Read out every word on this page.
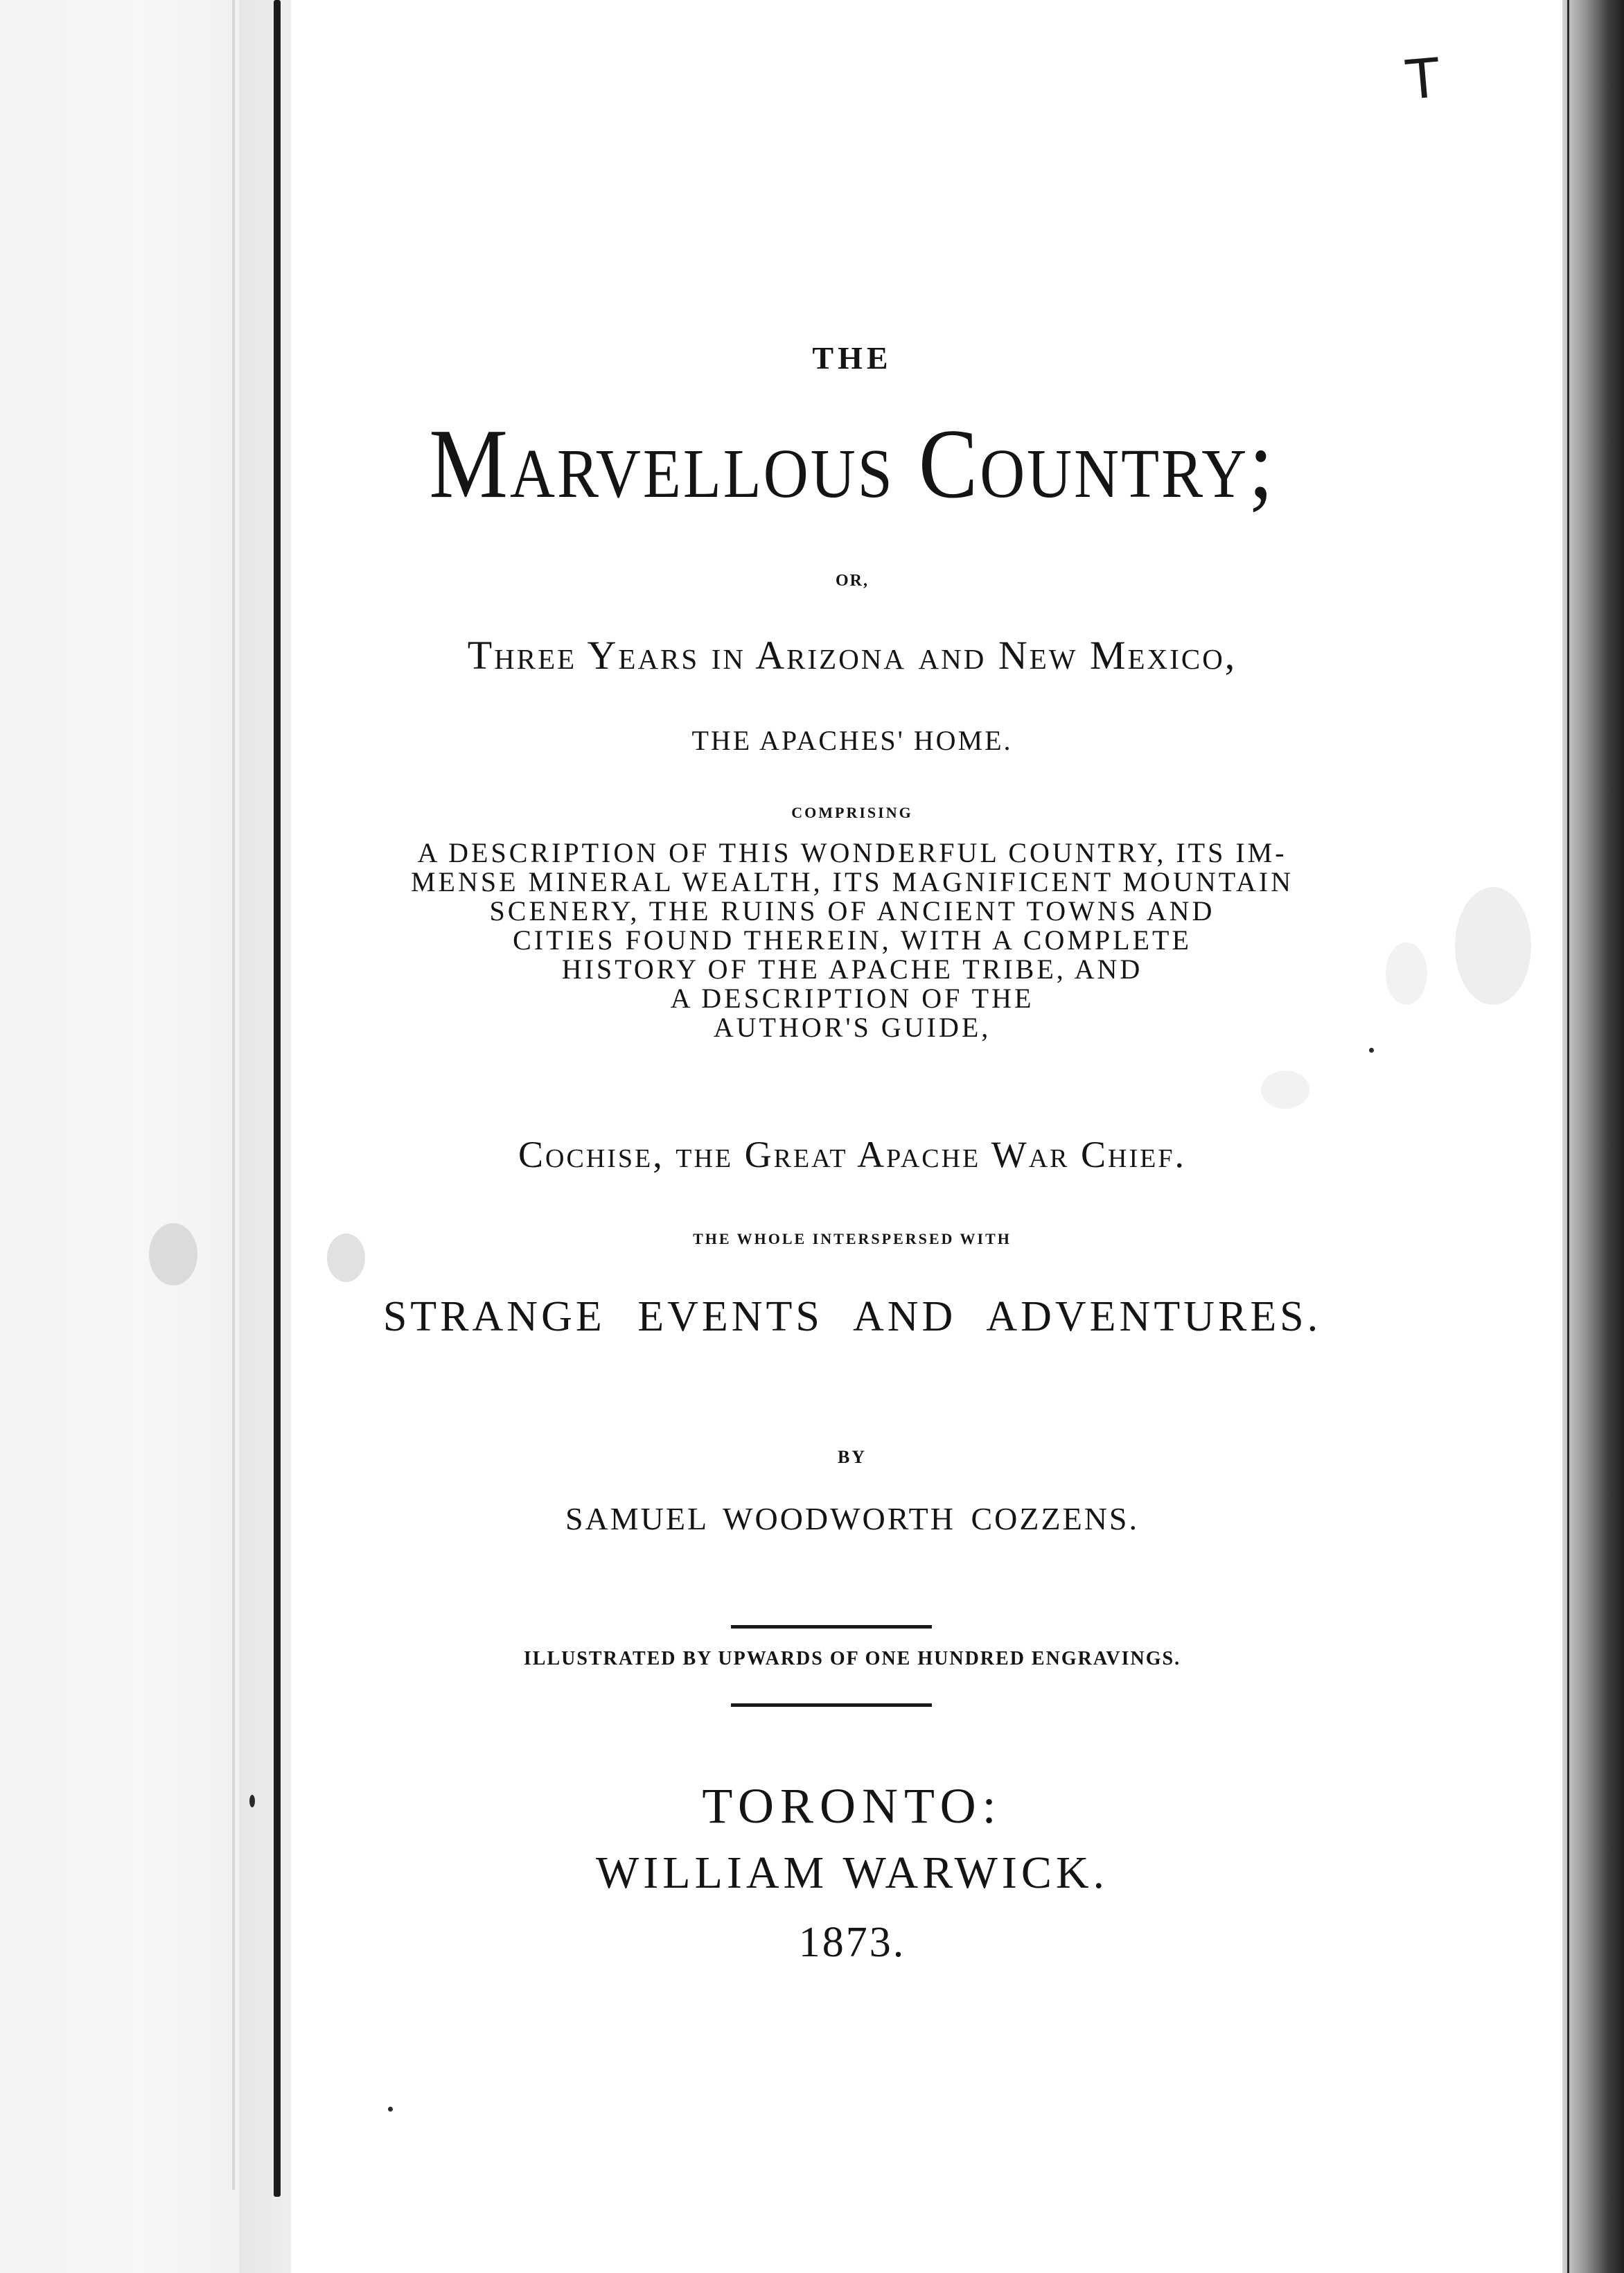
T
THE
Marvellous Country;
OR,
Three Years in Arizona and New Mexico,
THE APACHES' HOME.
COMPRISING
A DESCRIPTION OF THIS WONDERFUL COUNTRY, ITS IM-
MENSE MINERAL WEALTH, ITS MAGNIFICENT MOUNTAIN
SCENERY, THE RUINS OF ANCIENT TOWNS AND
CITIES FOUND THEREIN, WITH A COMPLETE
HISTORY OF THE APACHE TRIBE, AND
A DESCRIPTION OF THE
AUTHOR'S GUIDE,
Cochise, the Great Apache War Chief.
THE WHOLE INTERSPERSED WITH
STRANGE EVENTS AND ADVENTURES.
BY
SAMUEL WOODWORTH COZZENS.
ILLUSTRATED BY UPWARDS OF ONE HUNDRED ENGRAVINGS.
TORONTO:
WILLIAM WARWICK.
1873.
